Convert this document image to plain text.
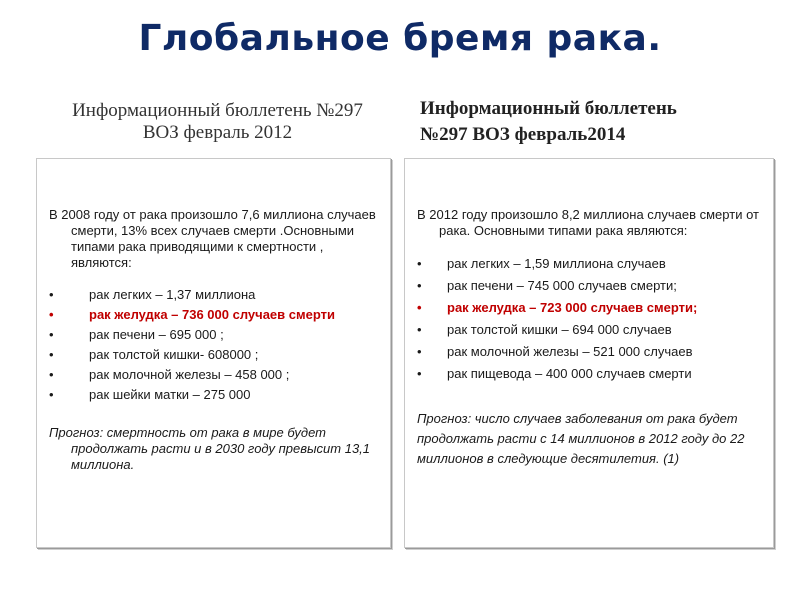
Глобальное бремя рака.
Информационный бюллетень №297
ВОЗ февраль 2012
Информационный бюллетень
№297 ВОЗ февраль2014
В 2008 году от рака произошло 7,6 миллиона случаев смерти, 13% всех случаев смерти .Основными типами рака приводящими к смертности , являются:
•	рак легких – 1,37 миллиона
•	рак желудка – 736 000 случаев смерти
•	рак печени – 695 000 ;
•	рак толстой кишки- 608000 ;
•	рак молочной железы – 458 000 ;
•	рак шейки матки – 275 000
Прогноз: смертность от рака в мире будет продолжать расти и в 2030 году превысит 13,1 миллиона.
В 2012 году произошло 8,2 миллиона случаев смерти от рака. Основными типами рака являются:
• рак легких – 1,59 миллиона случаев
• рак печени – 745 000 случаев смерти;
• рак желудка – 723 000 случаев смерти;
• рак толстой кишки – 694 000 случаев
• рак молочной железы – 521 000 случаев
• рак пищевода – 400 000 случаев смерти
Прогноз: число случаев заболевания от рака будет продолжать расти с 14 миллионов в 2012 году до 22 миллионов в следующие десятилетия. (1)
